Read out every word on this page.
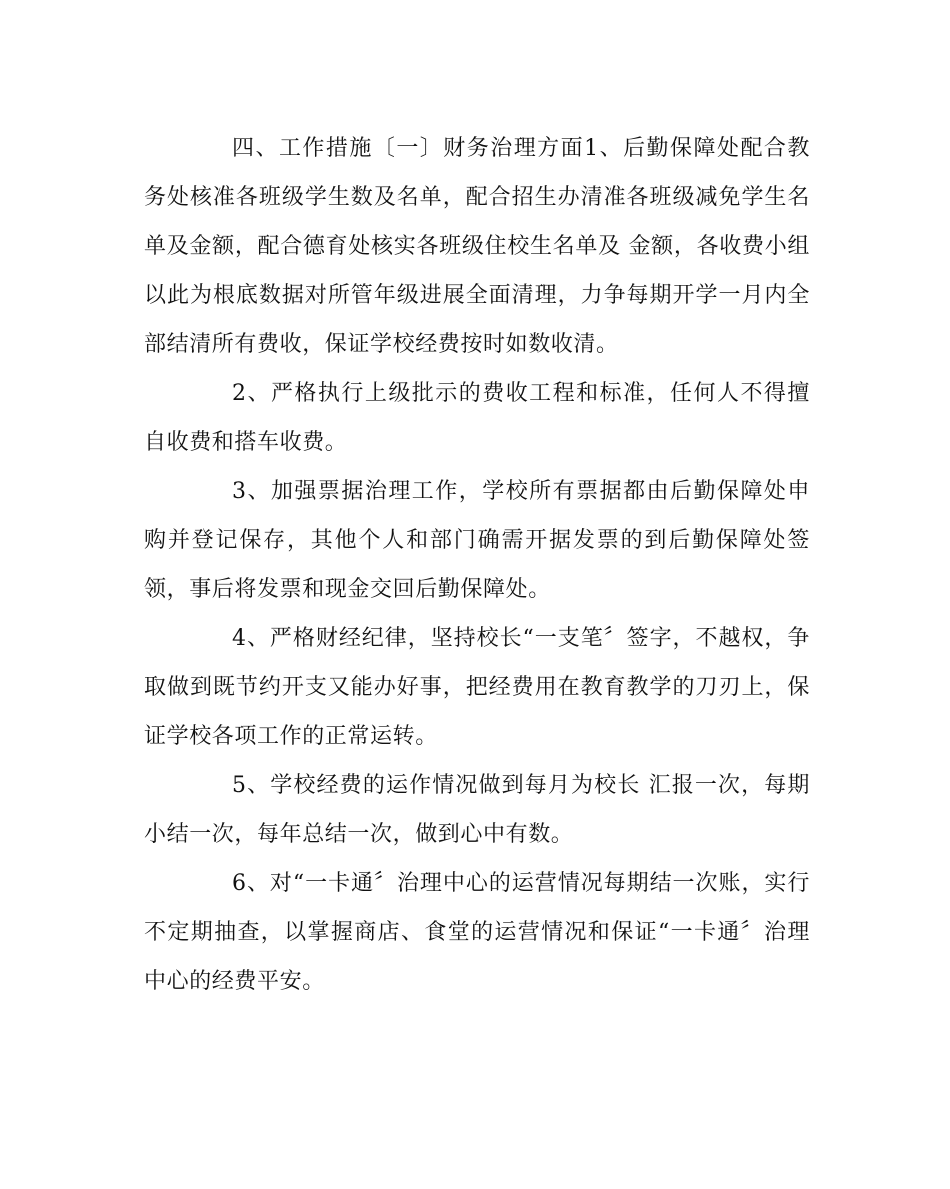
四、工作措施〔一〕财务治理方面1、后勤保障处配合教务处核准各班级学生数及名单，配合招生办清准各班级减免学生名单及金额，配合德育处核实各班级住校生名单及 金额，各收费小组以此为根底数据对所管年级进展全面清理，力争每期开学一月内全部结清所有费收，保证学校经费按时如数收清。

2、严格执行上级批示的费收工程和标准，任何人不得擅自收费和搭车收费。

3、加强票据治理工作，学校所有票据都由后勤保障处申购并登记保存，其他个人和部门确需开据发票的到后勤保障处签领，事后将发票和现金交回后勤保障处。

4、严格财经纪律，坚持校长“一支笔〞签字，不越权，争取做到既节约开支又能办好事，把经费用在教育教学的刀刃上，保证学校各项工作的正常运转。

5、学校经费的运作情况做到每月为校长 汇报一次，每期小结一次，每年总结一次，做到心中有数。

6、对“一卡通〞治理中心的运营情况每期结一次账，实行不定期抽查，以掌握商店、食堂的运营情况和保证“一卡通〞治理中心的经费平安。
